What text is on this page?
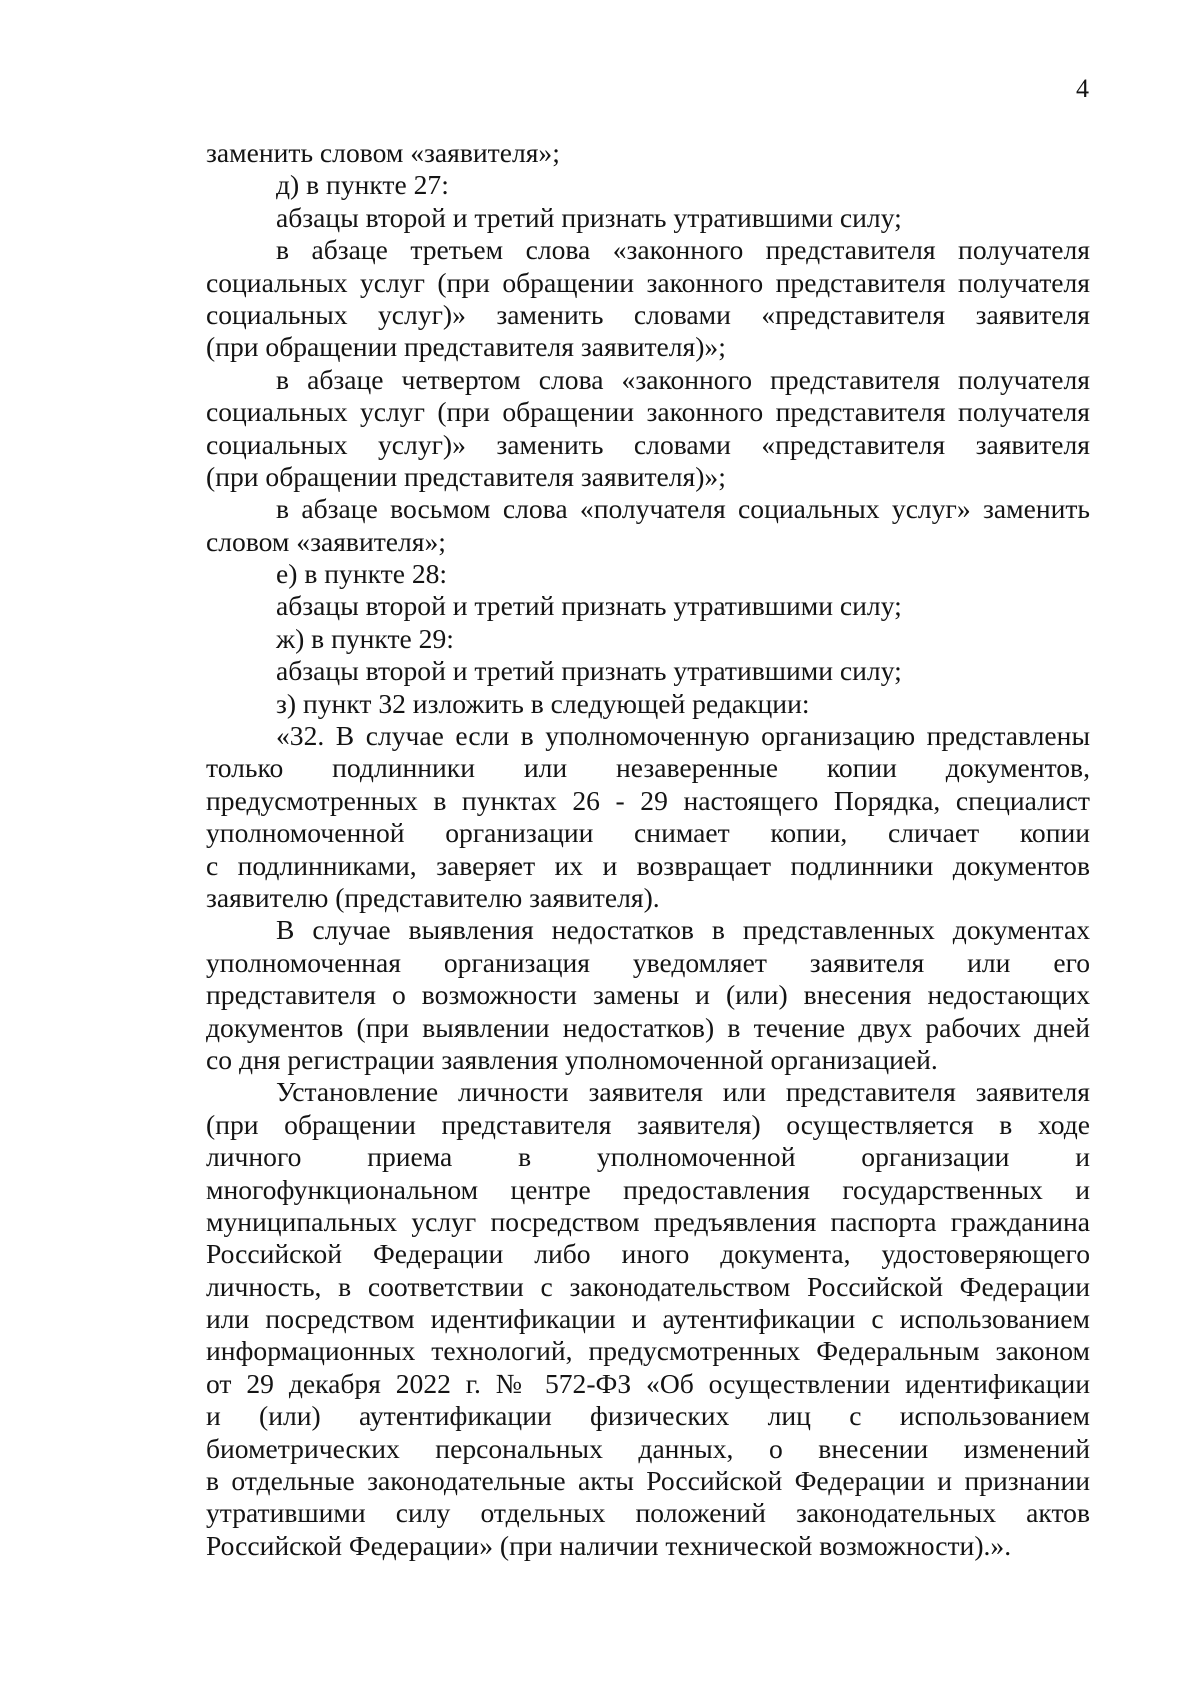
4
заменить словом «заявителя»;
д) в пункте 27:
абзацы второй и третий признать утратившими силу;
в абзаце третьем слова «законного представителя получателя
социальных услуг (при обращении законного представителя получателя
социальных услуг)» заменить словами «представителя заявителя
(при обращении представителя заявителя)»;
в абзаце четвертом слова «законного представителя получателя
социальных услуг (при обращении законного представителя получателя
социальных услуг)» заменить словами «представителя заявителя
(при обращении представителя заявителя)»;
в абзаце восьмом слова «получателя социальных услуг» заменить
словом «заявителя»;
е) в пункте 28:
абзацы второй и третий признать утратившими силу;
ж) в пункте 29:
абзацы второй и третий признать утратившими силу;
з) пункт 32 изложить в следующей редакции:
«32. В случае если в уполномоченную организацию представлены
только подлинники или незаверенные копии документов,
предусмотренных в пунктах 26 - 29 настоящего Порядка, специалист
уполномоченной организации снимает копии, сличает копии
с подлинниками, заверяет их и возвращает подлинники документов
заявителю (представителю заявителя).
В случае выявления недостатков в представленных документах
уполномоченная организация уведомляет заявителя или его
представителя о возможности замены и (или) внесения недостающих
документов (при выявлении недостатков) в течение двух рабочих дней
со дня регистрации заявления уполномоченной организацией.
Установление личности заявителя или представителя заявителя
(при обращении представителя заявителя) осуществляется в ходе
личного приема в уполномоченной организации и
многофункциональном центре предоставления государственных и
муниципальных услуг посредством предъявления паспорта гражданина
Российской Федерации либо иного документа, удостоверяющего
личность, в соответствии с законодательством Российской Федерации
или посредством идентификации и аутентификации с использованием
информационных технологий, предусмотренных Федеральным законом
от 29 декабря 2022 г. № 572-ФЗ «Об осуществлении идентификации
и (или) аутентификации физических лиц с использованием
биометрических персональных данных, о внесении изменений
в отдельные законодательные акты Российской Федерации и признании
утратившими силу отдельных положений законодательных актов
Российской Федерации» (при наличии технической возможности).».
